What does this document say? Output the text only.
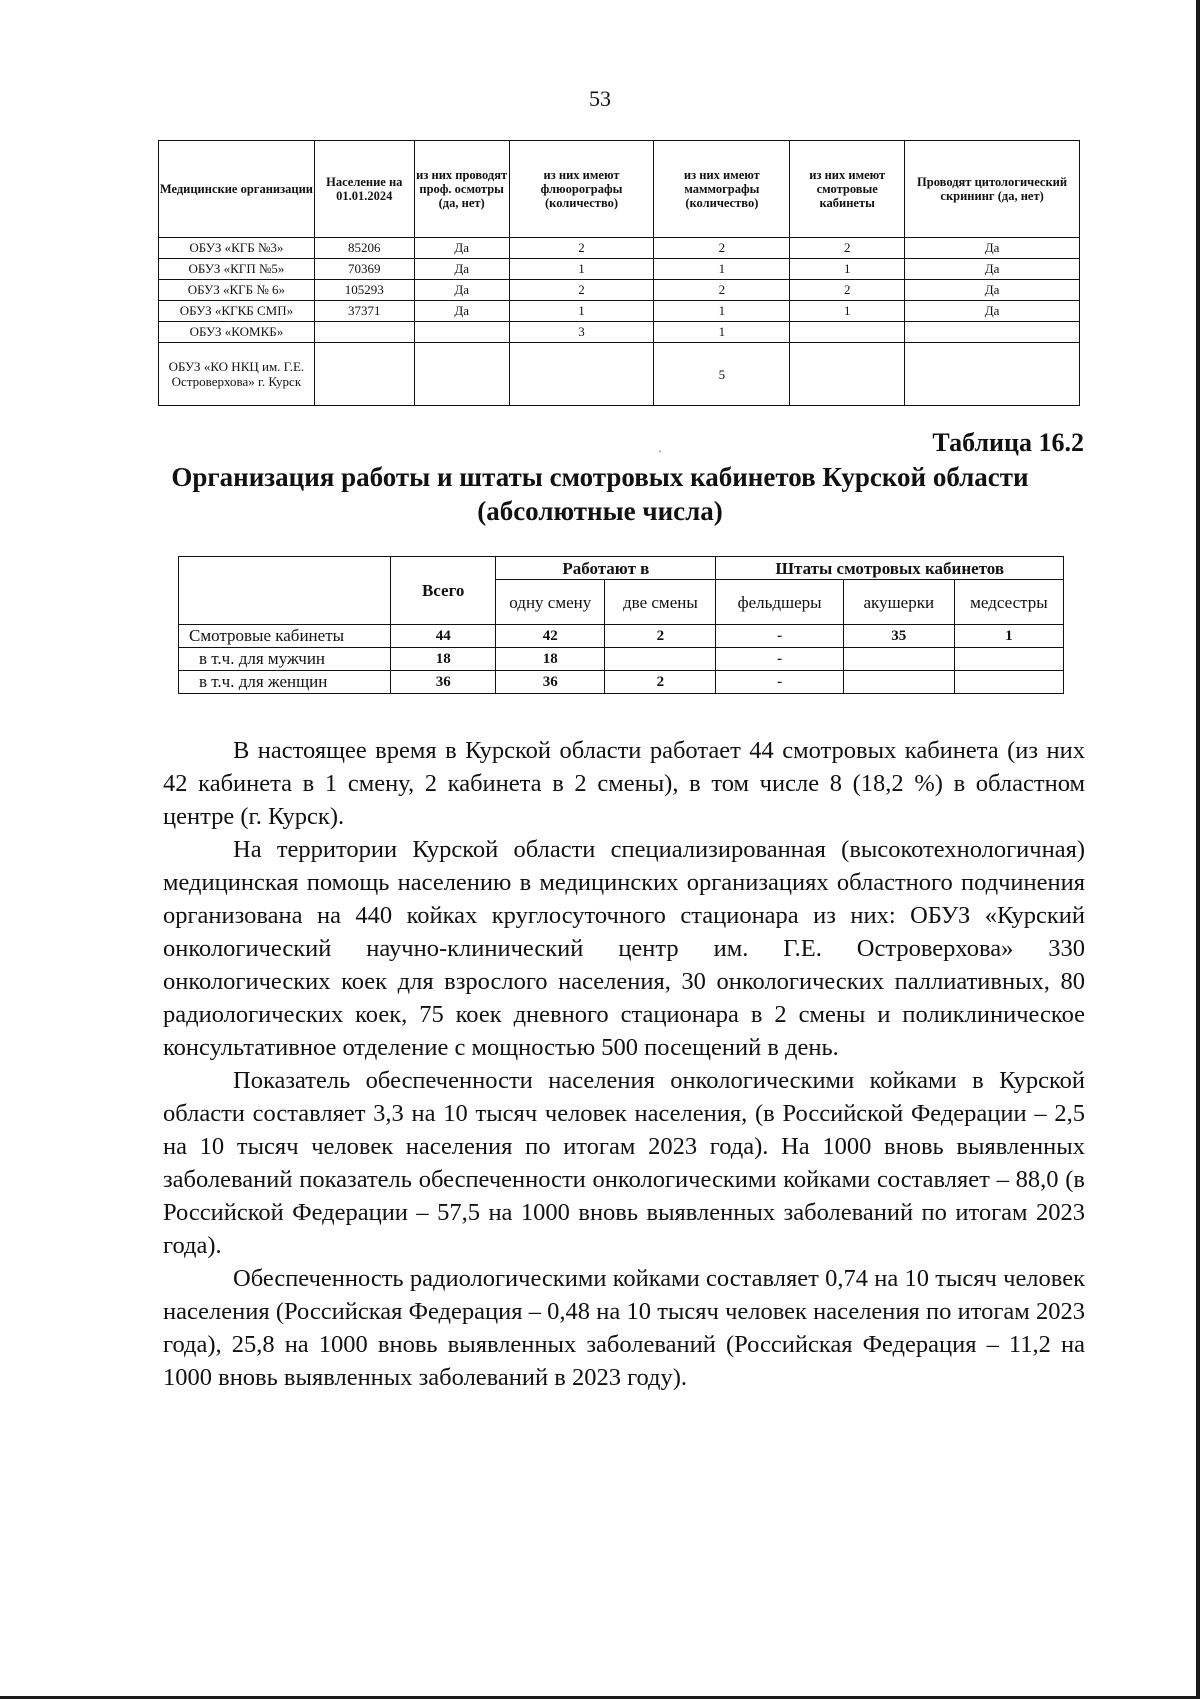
53
Медицинские организации	Население на 01.01.2024	из них проводят проф. осмотры (да, нет)	из них имеют флюорографы (количество)	из них имеют маммографы (количество)	из них имеют смотровые кабинеты	Проводят цитологический скрининг (да, нет)
ОБУЗ «КГБ №3»	85206	Да	2	2	2	Да
ОБУЗ «КГП №5»	70369	Да	1	1	1	Да
ОБУЗ «КГБ № 6»	105293	Да	2	2	2	Да
ОБУЗ «КГКБ СМП»	37371	Да	1	1	1	Да
ОБУЗ «КОМКБ»			3	1		
ОБУЗ «КО НКЦ им. Г.Е. Островерхова» г. Курск				5		
`	Таблица 16.2
Организация работы и штаты смотровых кабинетов Курской области
(абсолютные числа)
	Всего	Работают в		Штаты смотровых кабинетов		
		одну смену	две смены	фельдшеры	акушерки	медсестры
Смотровые кабинеты	44	42	2	-	35	1
в т.ч. для мужчин	18	18		-		
в т.ч. для женщин	36	36	2	-		

В настоящее время в Курской области работает 44 смотровых кабинета (из них 42 кабинета в 1 смену, 2 кабинета в 2 смены), в том числе 8 (18,2 %) в областном центре (г. Курск).

На территории Курской области специализированная (высокотехнологичная) медицинская помощь населению в медицинских организациях областного подчинения организована на 440 койках круглосуточного стационара из них: ОБУЗ «Курский онкологический научно-клинический центр им. Г.Е. Островерхова» 330 онкологических коек для взрослого населения, 30 онкологических паллиативных, 80 радиологических коек, 75 коек дневного стационара в 2 смены и поликлиническое консультативное отделение с мощностью 500 посещений в день.

Показатель обеспеченности населения онкологическими койками в Курской области составляет 3,3 на 10 тысяч человек населения, (в Российской Федерации – 2,5 на 10 тысяч человек населения по итогам 2023 года). На 1000 вновь выявленных заболеваний показатель обеспеченности онкологическими койками составляет – 88,0 (в Российской Федерации – 57,5 на 1000 вновь выявленных заболеваний по итогам 2023 года).

Обеспеченность радиологическими койками составляет 0,74 на 10 тысяч человек населения (Российская Федерация – 0,48 на 10 тысяч человек населения по итогам 2023 года), 25,8 на 1000 вновь выявленных заболеваний (Российская Федерация – 11,2 на 1000 вновь выявленных заболеваний в 2023 году).
